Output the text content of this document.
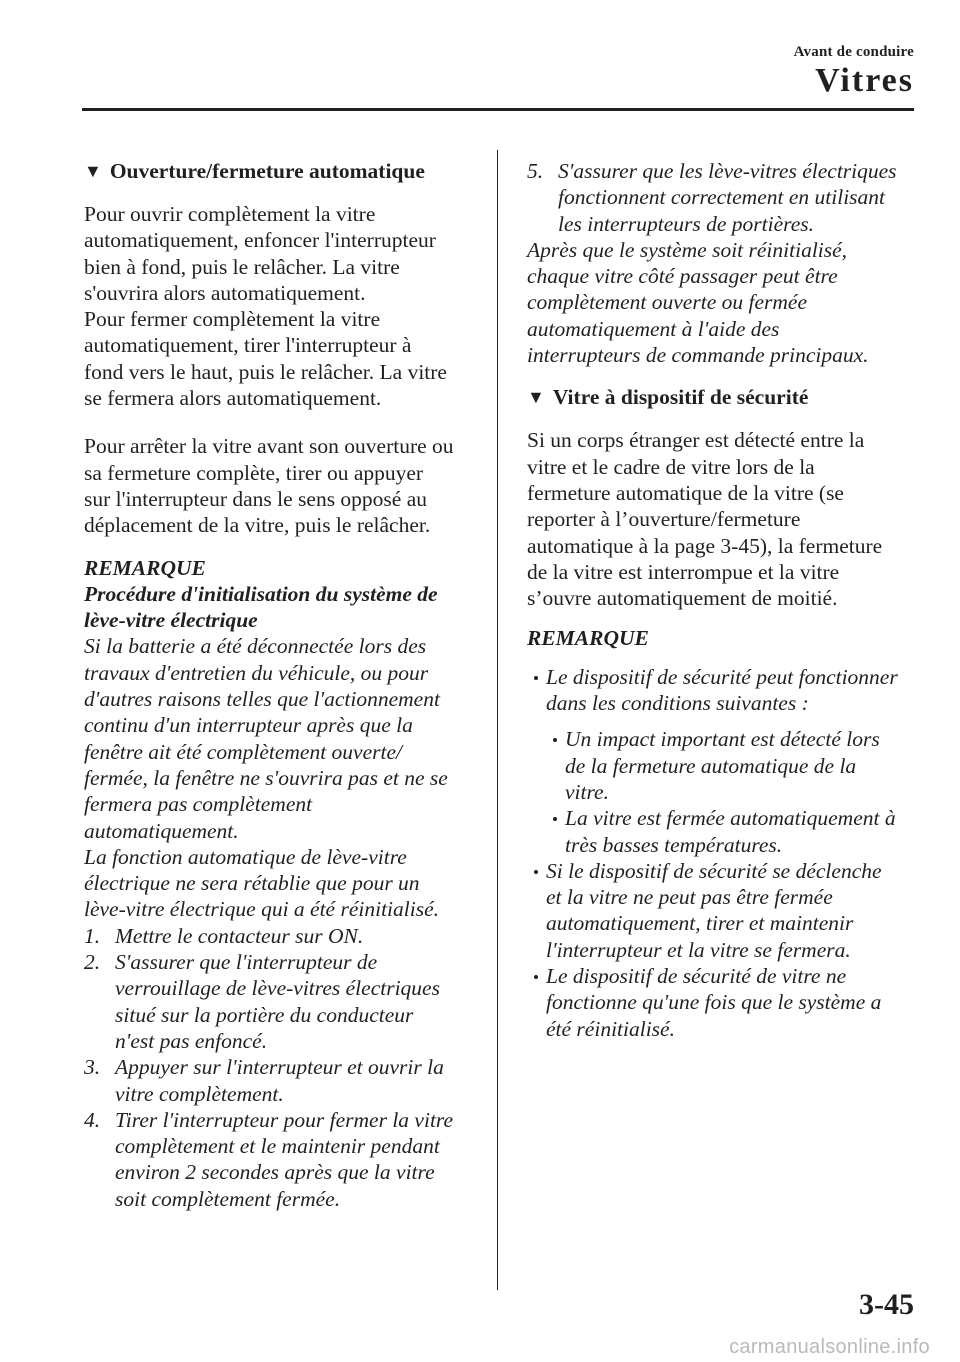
Avant de conduire
Vitres
▼ Ouverture/fermeture automatique

Pour ouvrir complètement la vitre

automatiquement, enfoncer l'interrupteur

bien à fond, puis le relâcher. La vitre

s'ouvrira alors automatiquement.

Pour fermer complètement la vitre

automatiquement, tirer l'interrupteur à

fond vers le haut, puis le relâcher. La vitre

se fermera alors automatiquement.

Pour arrêter la vitre avant son ouverture ou

sa fermeture complète, tirer ou appuyer

sur l'interrupteur dans le sens opposé au

déplacement de la vitre, puis le relâcher.

REMARQUE

Procédure d'initialisation du système de

lève-vitre électrique

Si la batterie a été déconnectée lors des

travaux d'entretien du véhicule, ou pour

d'autres raisons telles que l'actionnement

continu d'un interrupteur après que la

fenêtre ait été complètement ouverte/

fermée, la fenêtre ne s'ouvrira pas et ne se

fermera pas complètement

automatiquement.

La fonction automatique de lève-vitre

électrique ne sera rétablie que pour un

lève-vitre électrique qui a été réinitialisé.

1. Mettre le contacteur sur ON.
2. S'assurer que l'interrupteur de
verrouillage de lève-vitres électriques
situé sur la portière du conducteur
n'est pas enfoncé.
3. Appuyer sur l'interrupteur et ouvrir la
vitre complètement.
4. Tirer l'interrupteur pour fermer la vitre
complètement et le maintenir pendant
environ 2 secondes après que la vitre
soit complètement fermée.
5. S'assurer que les lève-vitres électriques
fonctionnent correctement en utilisant
les interrupteurs de portières.

Après que le système soit réinitialisé,

chaque vitre côté passager peut être

complètement ouverte ou fermée

automatiquement à l'aide des

interrupteurs de commande principaux.

▼ Vitre à dispositif de sécurité

Si un corps étranger est détecté entre la

vitre et le cadre de vitre lors de la

fermeture automatique de la vitre (se

reporter à l’ouverture/fermeture

automatique à la page 3-45), la fermeture

de la vitre est interrompue et la vitre

s’ouvre automatiquement de moitié.

REMARQUE

Le dispositif de sécurité peut fonctionner
dans les conditions suivantes :
Un impact important est détecté lors
de la fermeture automatique de la
vitre.
La vitre est fermée automatiquement à
très basses températures.
Si le dispositif de sécurité se déclenche
et la vitre ne peut pas être fermée
automatiquement, tirer et maintenir
l'interrupteur et la vitre se fermera.
Le dispositif de sécurité de vitre ne
fonctionne qu'une fois que le système a
été réinitialisé.
3-45
carmanualsonline.info
